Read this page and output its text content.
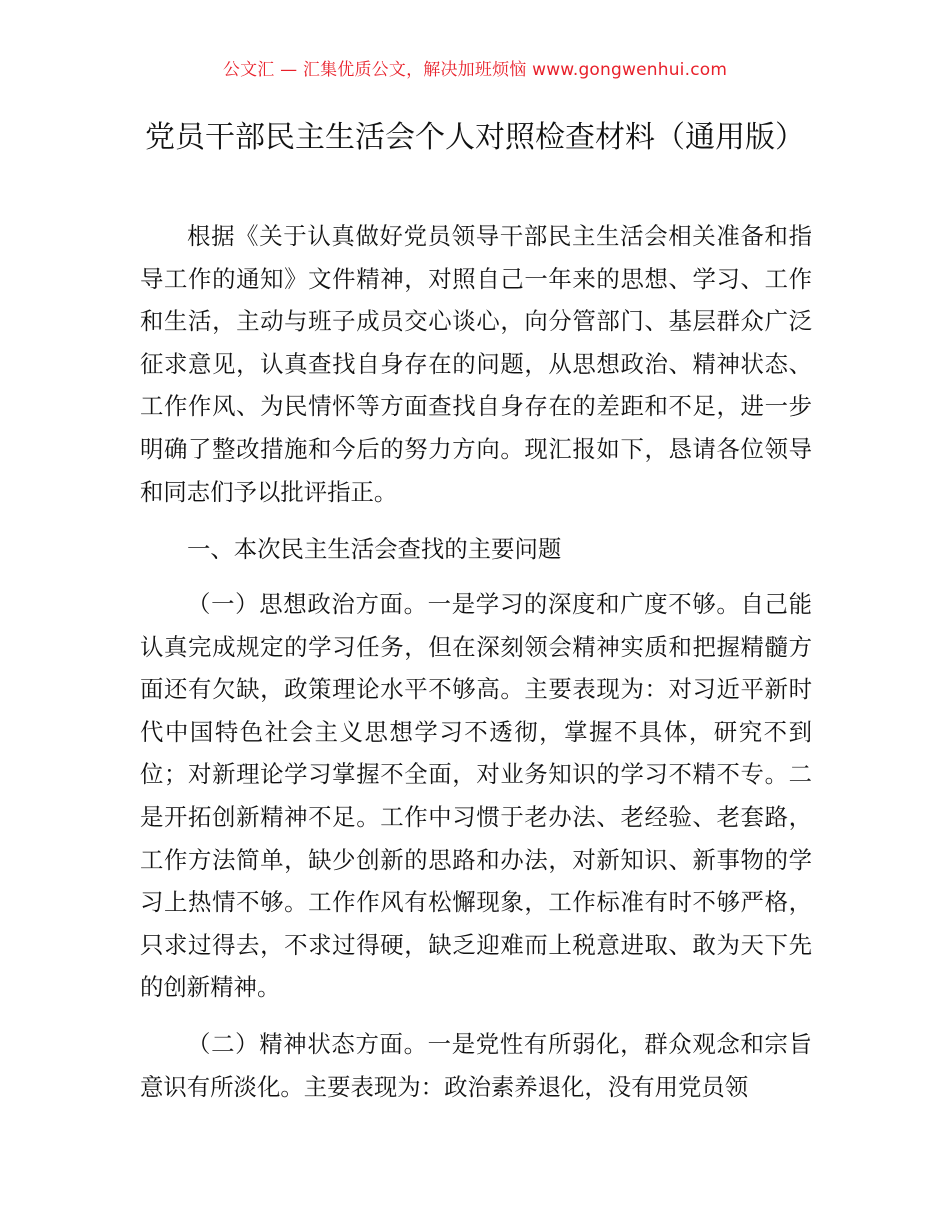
公文汇 — 汇集优质公文，解决加班烦恼 www.gongwenhui.com
党员干部民主生活会个人对照检查材料（通用版）

根据《关于认真做好党员领导干部民主生活会相关准备和指导工作的通知》文件精神，对照自己一年来的思想、学习、工作和生活，主动与班子成员交心谈心，向分管部门、基层群众广泛征求意见，认真查找自身存在的问题，从思想政治、精神状态、工作作风、为民情怀等方面查找自身存在的差距和不足，进一步明确了整改措施和今后的努力方向。现汇报如下，恳请各位领导和同志们予以批评指正。

一、本次民主生活会查找的主要问题

（一）思想政治方面。一是学习的深度和广度不够。自己能认真完成规定的学习任务，但在深刻领会精神实质和把握精髓方面还有欠缺，政策理论水平不够高。主要表现为：对习近平新时代中国特色社会主义思想学习不透彻，掌握不具体，研究不到位；对新理论学习掌握不全面，对业务知识的学习不精不专。二是开拓创新精神不足。工作中习惯于老办法、老经验、老套路，工作方法简单，缺少创新的思路和办法，对新知识、新事物的学习上热情不够。工作作风有松懈现象，工作标准有时不够严格，只求过得去，不求过得硬，缺乏迎难而上税意进取、敢为天下先的创新精神。

（二）精神状态方面。一是党性有所弱化，群众观念和宗旨意识有所淡化。主要表现为：政治素养退化，没有用党员领
